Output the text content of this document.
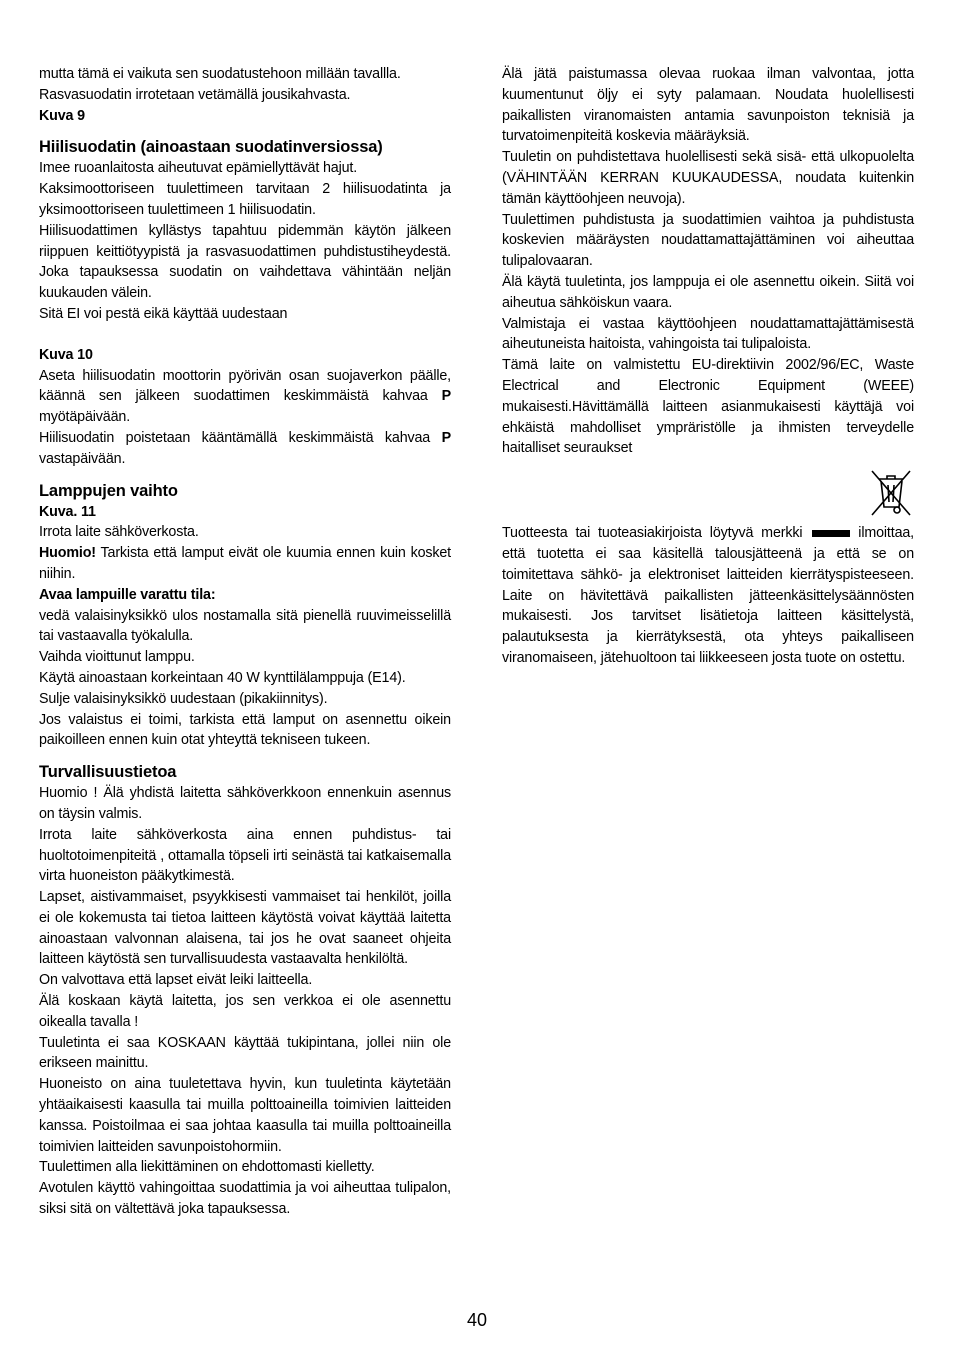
mutta tämä ei vaikuta sen suodatustehoon millään tavallla.

Rasvasuodatin irrotetaan vetämällä jousikahvasta.

Kuva 9

Hiilisuodatin (ainoastaan suodatinversiossa)

Imee ruoanlaitosta aiheutuvat epämiellyttävät hajut.

Kaksimoottoriseen tuulettimeen tarvitaan 2 hiilisuodatinta ja yksimoottoriseen tuulettimeen 1 hiilisuodatin.

Hiilisuodattimen kyllästys tapahtuu pidemmän käytön jälkeen riippuen keittiötyypistä ja rasvasuodattimen puhdistustiheydestä. Joka tapauksessa suodatin on vaihdettava vähintään neljän kuukauden välein.

Sitä EI voi pestä eikä käyttää uudestaan

Kuva 10

Aseta hiilisuodatin moottorin pyörivän osan suojaverkon päälle, käännä sen jälkeen suodattimen keskimmäistä kahvaa P myötäpäivään.

Hiilisuodatin poistetaan kääntämällä keskimmäistä kahvaa P vastapäivään.

Lamppujen vaihto

Kuva. 11

Irrota laite sähköverkosta.

Huomio! Tarkista että lamput eivät ole kuumia ennen kuin kosket niihin.

Avaa lampuille varattu tila:

vedä valaisinyksikkö ulos nostamalla sitä pienellä ruuvimeisselillä tai vastaavalla työkalulla.

Vaihda vioittunut lamppu.

Käytä ainoastaan korkeintaan 40 W kynttilälamppuja (E14).

Sulje valaisinyksikkö uudestaan (pikakiinnitys).

Jos valaistus ei toimi, tarkista että lamput on asennettu oikein paikoilleen ennen kuin otat yhteyttä tekniseen tukeen.

Turvallisuustietoa

Huomio ! Älä yhdistä laitetta sähköverkkoon ennenkuin asennus on täysin valmis.

Irrota laite sähköverkosta aina ennen puhdistus- tai huoltotoimenpiteitä , ottamalla töpseli irti seinästä tai katkaisemalla virta huoneiston pääkytkimestä.

Lapset, aistivammaiset, psyykkisesti vammaiset tai henkilöt, joilla ei ole kokemusta tai tietoa laitteen käytöstä voivat käyttää laitetta ainoastaan valvonnan alaisena, tai jos he ovat saaneet ohjeita laitteen käytöstä sen turvallisuudesta vastaavalta henkilöltä.

On valvottava että lapset eivät leiki laitteella.

Älä koskaan käytä laitetta, jos sen verkkoa ei ole asennettu oikealla tavalla !

Tuuletinta ei saa KOSKAAN käyttää tukipintana, jollei niin ole erikseen mainittu.

Huoneisto on aina tuuletettava hyvin, kun tuuletinta käytetään yhtäaikaisesti kaasulla tai muilla polttoaineilla toimivien laitteiden kanssa. Poistoilmaa ei saa johtaa kaasulla tai muilla polttoaineilla toimivien laitteiden savunpoistohormiin.

Tuulettimen alla liekittäminen on ehdottomasti kielletty.

Avotulen käyttö vahingoittaa suodattimia ja voi aiheuttaa tulipalon, siksi sitä on vältettävä joka tapauksessa.

Älä jätä paistumassa olevaa ruokaa ilman valvontaa, jotta kuumentunut öljy ei syty palamaan. Noudata huolellisesti paikallisten viranomaisten antamia savunpoiston teknisiä ja turvatoimenpiteitä koskevia määräyksiä.

Tuuletin on puhdistettava huolellisesti sekä sisä- että ulkopuolelta (VÄHINTÄÄN KERRAN KUUKAUDESSA, noudata kuitenkin tämän käyttöohjeen neuvoja).

Tuulettimen puhdistusta ja suodattimien vaihtoa ja puhdistusta koskevien määräysten noudattamattajättäminen voi aiheuttaa tulipalovaaran.

Älä käytä tuuletinta, jos lamppuja ei ole asennettu oikein. Siitä voi aiheutua sähköiskun vaara.

Valmistaja ei vastaa käyttöohjeen noudattamattajättämisestä aiheutuneista haitoista, vahingoista tai tulipaloista.

Tämä laite on valmistettu EU-direktiivin 2002/96/EC, Waste Electrical and Electronic Equipment (WEEE) mukaisesti.Hävittämällä laitteen asianmukaisesti käyttäjä voi ehkäistä mahdolliset ympräristölle ja ihmisten terveydelle haitalliset seuraukset

Tuotteesta tai tuoteasiakirjoista löytyvä merkki	ilmoittaa, että tuotetta ei saa käsitellä talousjätteenä ja että se on toimitettava sähkö- ja elektroniset laitteiden kierrätyspisteeseen. Laite on hävitettävä paikallisten jätteenkäsittelysäännösten mukaisesti. Jos tarvitset lisätietoja laitteen käsittelystä, palautuksesta ja kierrätyksestä, ota yhteys paikalliseen viranomaiseen, jätehuoltoon tai liikkeeseen josta tuote on ostettu.

40
